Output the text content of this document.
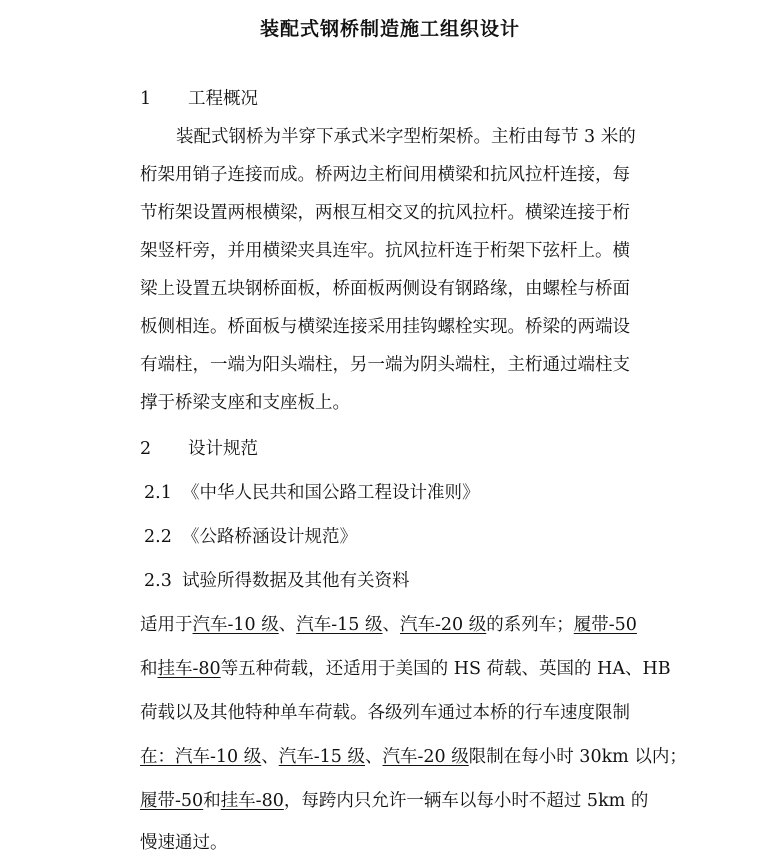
装配式钢桥制造施工组织设计
1 工程概况
装配式钢桥为半穿下承式米字型桁架桥。主桁由每节 3 米的
桁架用销子连接而成。桥两边主桁间用横梁和抗风拉杆连接，每
节桁架设置两根横梁，两根互相交叉的抗风拉杆。横梁连接于桁
架竖杆旁，并用横梁夹具连牢。抗风拉杆连于桁架下弦杆上。横
梁上设置五块钢桥面板，桥面板两侧设有钢路缘，由螺栓与桥面
板侧相连。桥面板与横梁连接采用挂钩螺栓实现。桥梁的两端设
有端柱，一端为阳头端柱，另一端为阴头端柱，主桁通过端柱支
撑于桥梁支座和支座板上。
2 设计规范
2.1 《中华人民共和国公路工程设计准则》
2.2 《公路桥涵设计规范》
2.3 试验所得数据及其他有关资料
适用于汽车-10 级、汽车-15 级、汽车-20 级的系列车；履带-50
和挂车-80等五种荷载，还适用于美国的 HS 荷载、英国的 HA、HB
荷载以及其他特种单车荷载。各级列车通过本桥的行车速度限制
在：汽车-10 级、汽车-15 级、汽车-20 级限制在每小时 30km 以内；
履带-50和挂车-80，每跨内只允许一辆车以每小时不超过 5km 的
慢速通过。
